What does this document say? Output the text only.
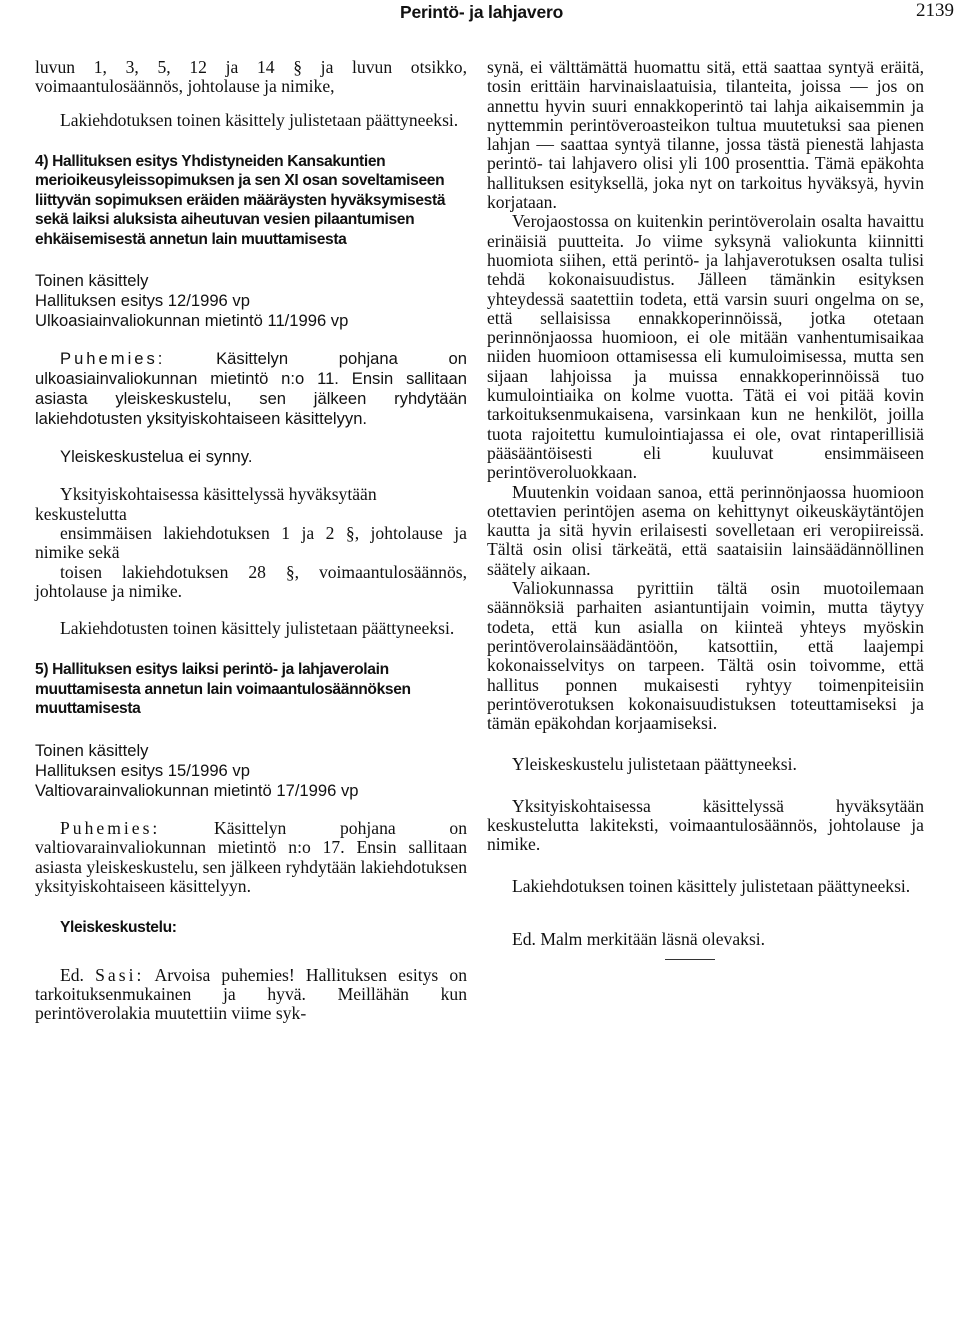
Perintö- ja lahjavero	2139

luvun 1, 3, 5, 12 ja 14 § ja luvun otsikko, voimaantulosäännös, johtolause ja nimike,

Lakiehdotuksen toinen käsittely julistetaan päättyneeksi.

4) Hallituksen esitys Yhdistyneiden Kansakuntien merioikeusyleissopimuksen ja sen XI osan soveltamiseen liittyvän sopimuksen eräiden määräysten hyväksymisestä sekä laiksi aluksista aiheutuvan vesien pilaantumisen ehkäisemisestä annetun lain muuttamisesta

Toinen käsittely

Hallituksen esitys 12/1996 vp

Ulkoasiainvaliokunnan mietintö 11/1996 vp

Puhemies: Käsittelyn pohjana on ulkoasiainvaliokunnan mietintö n:o 11. Ensin sallitaan asiasta yleiskeskustelu, sen jälkeen ryhdytään lakiehdotusten yksityiskohtaiseen käsittelyyn.

Yleiskeskustelua ei synny.

Yksityiskohtaisessa käsittelyssä hyväksytään keskustelutta

ensimmäisen lakiehdotuksen 1 ja 2 §, johtolause ja nimike sekä

toisen lakiehdotuksen 28 §, voimaantulosäännös, johtolause ja nimike.

Lakiehdotusten toinen käsittely julistetaan päättyneeksi.

5) Hallituksen esitys laiksi perintö- ja lahjaverolain muuttamisesta annetun lain voimaantulosäännöksen muuttamisesta

Toinen käsittely

Hallituksen esitys 15/1996 vp

Valtiovarainvaliokunnan mietintö 17/1996 vp

Puhemies: Käsittelyn pohjana on valtiovarainvaliokunnan mietintö n:o 17. Ensin sallitaan asiasta yleiskeskustelu, sen jälkeen ryhdytään lakiehdotuksen yksityiskohtaiseen käsittelyyn.

Yleiskeskustelu:

Ed. Sasi: Arvoisa puhemies! Hallituksen esitys on tarkoituksenmukainen ja hyvä. Meillähän kun perintöverolakia muutettiin viime syk-

synä, ei välttämättä huomattu sitä, että saattaa syntyä eräitä, tosin erittäin harvinaislaatuisia, tilanteita, joissa — jos on annettu hyvin suuri ennakkoperintö tai lahja aikaisemmin ja nyttemmin perintöveroasteikon tultua muutetuksi saa pienen lahjan — saattaa syntyä tilanne, jossa tästä pienestä lahjasta perintö- tai lahjavero olisi yli 100 prosenttia. Tämä epäkohta hallituksen esityksellä, joka nyt on tarkoitus hyväksyä, hyvin korjataan.

Verojaostossa on kuitenkin perintöverolain osalta havaittu erinäisiä puutteita. Jo viime syksynä valiokunta kiinnitti huomiota siihen, että perintö- ja lahjaverotuksen osalta tulisi tehdä kokonaisuudistus. Jälleen tämänkin esityksen yhteydessä saatettiin todeta, että varsin suuri ongelma on se, että sellaisissa ennakkoperinnöissä, jotka otetaan perinnönjaossa huomioon, ei ole mitään vanhentumisaikaa niiden huomioon ottamisessa eli kumuloimisessa, mutta sen sijaan lahjoissa ja muissa ennakkoperinnöissä tuo kumulointiaika on kolme vuotta. Tätä ei voi pitää kovin tarkoituksenmukaisena, varsinkaan kun ne henkilöt, joilla tuota rajoitettu kumulointiajassa ei ole, ovat rintaperillisiä pääsääntöisesti eli kuuluvat ensimmäiseen perintöveroluokkaan.

Muutenkin voidaan sanoa, että perinnönjaossa huomioon otettavien perintöjen asema on kehittynyt oikeuskäytäntöjen kautta ja sitä hyvin erilaisesti sovelletaan eri veropiireissä. Tältä osin olisi tärkeätä, että saataisiin lainsäädännöllinen säätely aikaan.

Valiokunnassa pyrittiin tältä osin muotoilemaan säännöksiä parhaiten asiantuntijain voimin, mutta täytyy todeta, että kun asialla on kiinteä yhteys myöskin perintöverolainsäädäntöön, katsottiin, että laajempi kokonaisselvitys on tarpeen. Tältä osin toivomme, että hallitus ponnen mukaisesti ryhtyy toimenpiteisiin perintöverotuksen kokonaisuudistuksen toteuttamiseksi ja tämän epäkohdan korjaamiseksi.

Yleiskeskustelu julistetaan päättyneeksi.

Yksityiskohtaisessa käsittelyssä hyväksytään keskustelutta lakiteksti, voimaantulosäännös, johtolause ja nimike.

Lakiehdotuksen toinen käsittely julistetaan päättyneeksi.

Ed. Malm merkitään läsnä olevaksi.
